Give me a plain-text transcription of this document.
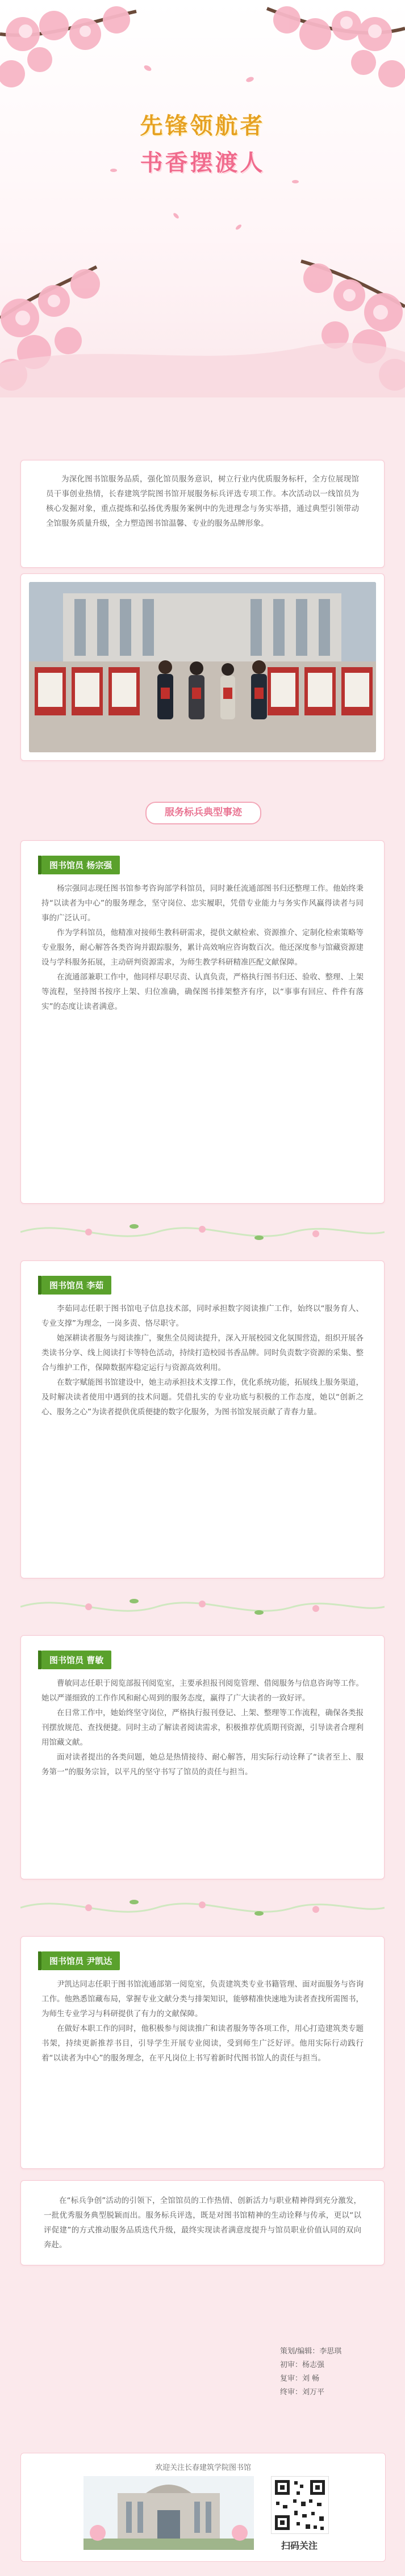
先锋领航者
书香摆渡人

为深化图书馆服务品质，强化馆员服务意识，树立行业内优质服务标杆，全方位展现馆员干事创业热情，长春建筑学院图书馆开展服务标兵评选专项工作。本次活动以一线馆员为核心发掘对象，重点提炼和弘扬优秀服务案例中的先进理念与务实举措，通过典型引领带动全馆服务质量升级，全力塑造图书馆温馨、专业的服务品牌形象。

服务标兵典型事迹
图书馆员 杨宗强

杨宗强同志现任图书馆参考咨询部学科馆员，同时兼任流通部图书归还整理工作。他始终秉持“以读者为中心”的服务理念，坚守岗位、忠实履职，凭借专业能力与务实作风赢得读者与同事的广泛认可。

作为学科馆员，他精准对接师生教科研需求，提供文献检索、资源推介、定制化检索策略等专业服务，耐心解答各类咨询并跟踪服务，累计高效响应咨询数百次。他还深度参与馆藏资源建设与学科服务拓展，主动研判资源需求，为师生教学科研精准匹配文献保障。

在流通部兼职工作中，他同样尽职尽责、认真负责，严格执行图书归还、验收、整理、上架等流程，坚持图书按序上架、归位准确，确保图书排架整齐有序，以“事事有回应、件件有落实”的态度让读者满意。

图书馆员 李茹

李茹同志任职于图书馆电子信息技术部，同时承担数字阅读推广工作，始终以“服务育人、专业支撑”为理念，一岗多责、恪尽职守。

她深耕读者服务与阅读推广，聚焦全员阅读提升，深入开展校园文化氛围营造，组织开展各类读书分享、线上阅读打卡等特色活动，持续打造校园书香品牌。同时负责数字资源的采集、整合与维护工作，保障数据库稳定运行与资源高效利用。

在数字赋能图书馆建设中，她主动承担技术支撑工作，优化系统功能，拓展线上服务渠道，及时解决读者使用中遇到的技术问题。凭借扎实的专业功底与积极的工作态度，她以“创新之心、服务之心”为读者提供优质便捷的数字化服务，为图书馆发展贡献了青春力量。

图书馆员 曹敏

曹敏同志任职于阅览部报刊阅览室，主要承担报刊阅览管理、借阅服务与信息咨询等工作。她以严谨细致的工作作风和耐心周到的服务态度，赢得了广大读者的一致好评。

在日常工作中，她始终坚守岗位，严格执行报刊登记、上架、整理等工作流程，确保各类报刊摆放规范、查找便捷。同时主动了解读者阅读需求，积极推荐优质期刊资源，引导读者合理利用馆藏文献。

面对读者提出的各类问题，她总是热情接待、耐心解答，用实际行动诠释了“读者至上、服务第一”的服务宗旨，以平凡的坚守书写了馆员的责任与担当。

图书馆员 尹凯达

尹凯达同志任职于图书馆流通部第一阅览室，负责建筑类专业书籍管理、面对面服务与咨询工作。他熟悉馆藏布局，掌握专业文献分类与排架知识，能够精准快速地为读者查找所需图书，为师生专业学习与科研提供了有力的文献保障。

在做好本职工作的同时，他积极参与阅读推广和读者服务等各项工作，用心打造建筑类专题书架，持续更新推荐书目，引导学生开展专业阅读，受到师生广泛好评。他用实际行动践行着“以读者为中心”的服务理念，在平凡岗位上书写着新时代图书馆人的责任与担当。

在“标兵争创”活动的引领下，全馆馆员的工作热情、创新活力与职业精神得到充分激发，一批优秀服务典型脱颖而出。服务标兵评选，既是对图书馆精神的生动诠释与传承，更以“以评促建”的方式推动服务品质迭代升级，最终实现读者满意度提升与馆员职业价值认同的双向奔赴。

策划/编辑：李思琪
初审：杨志强
复审：刘 畅
终审：刘万平
欢迎关注长春建筑学院图书馆
扫码关注
